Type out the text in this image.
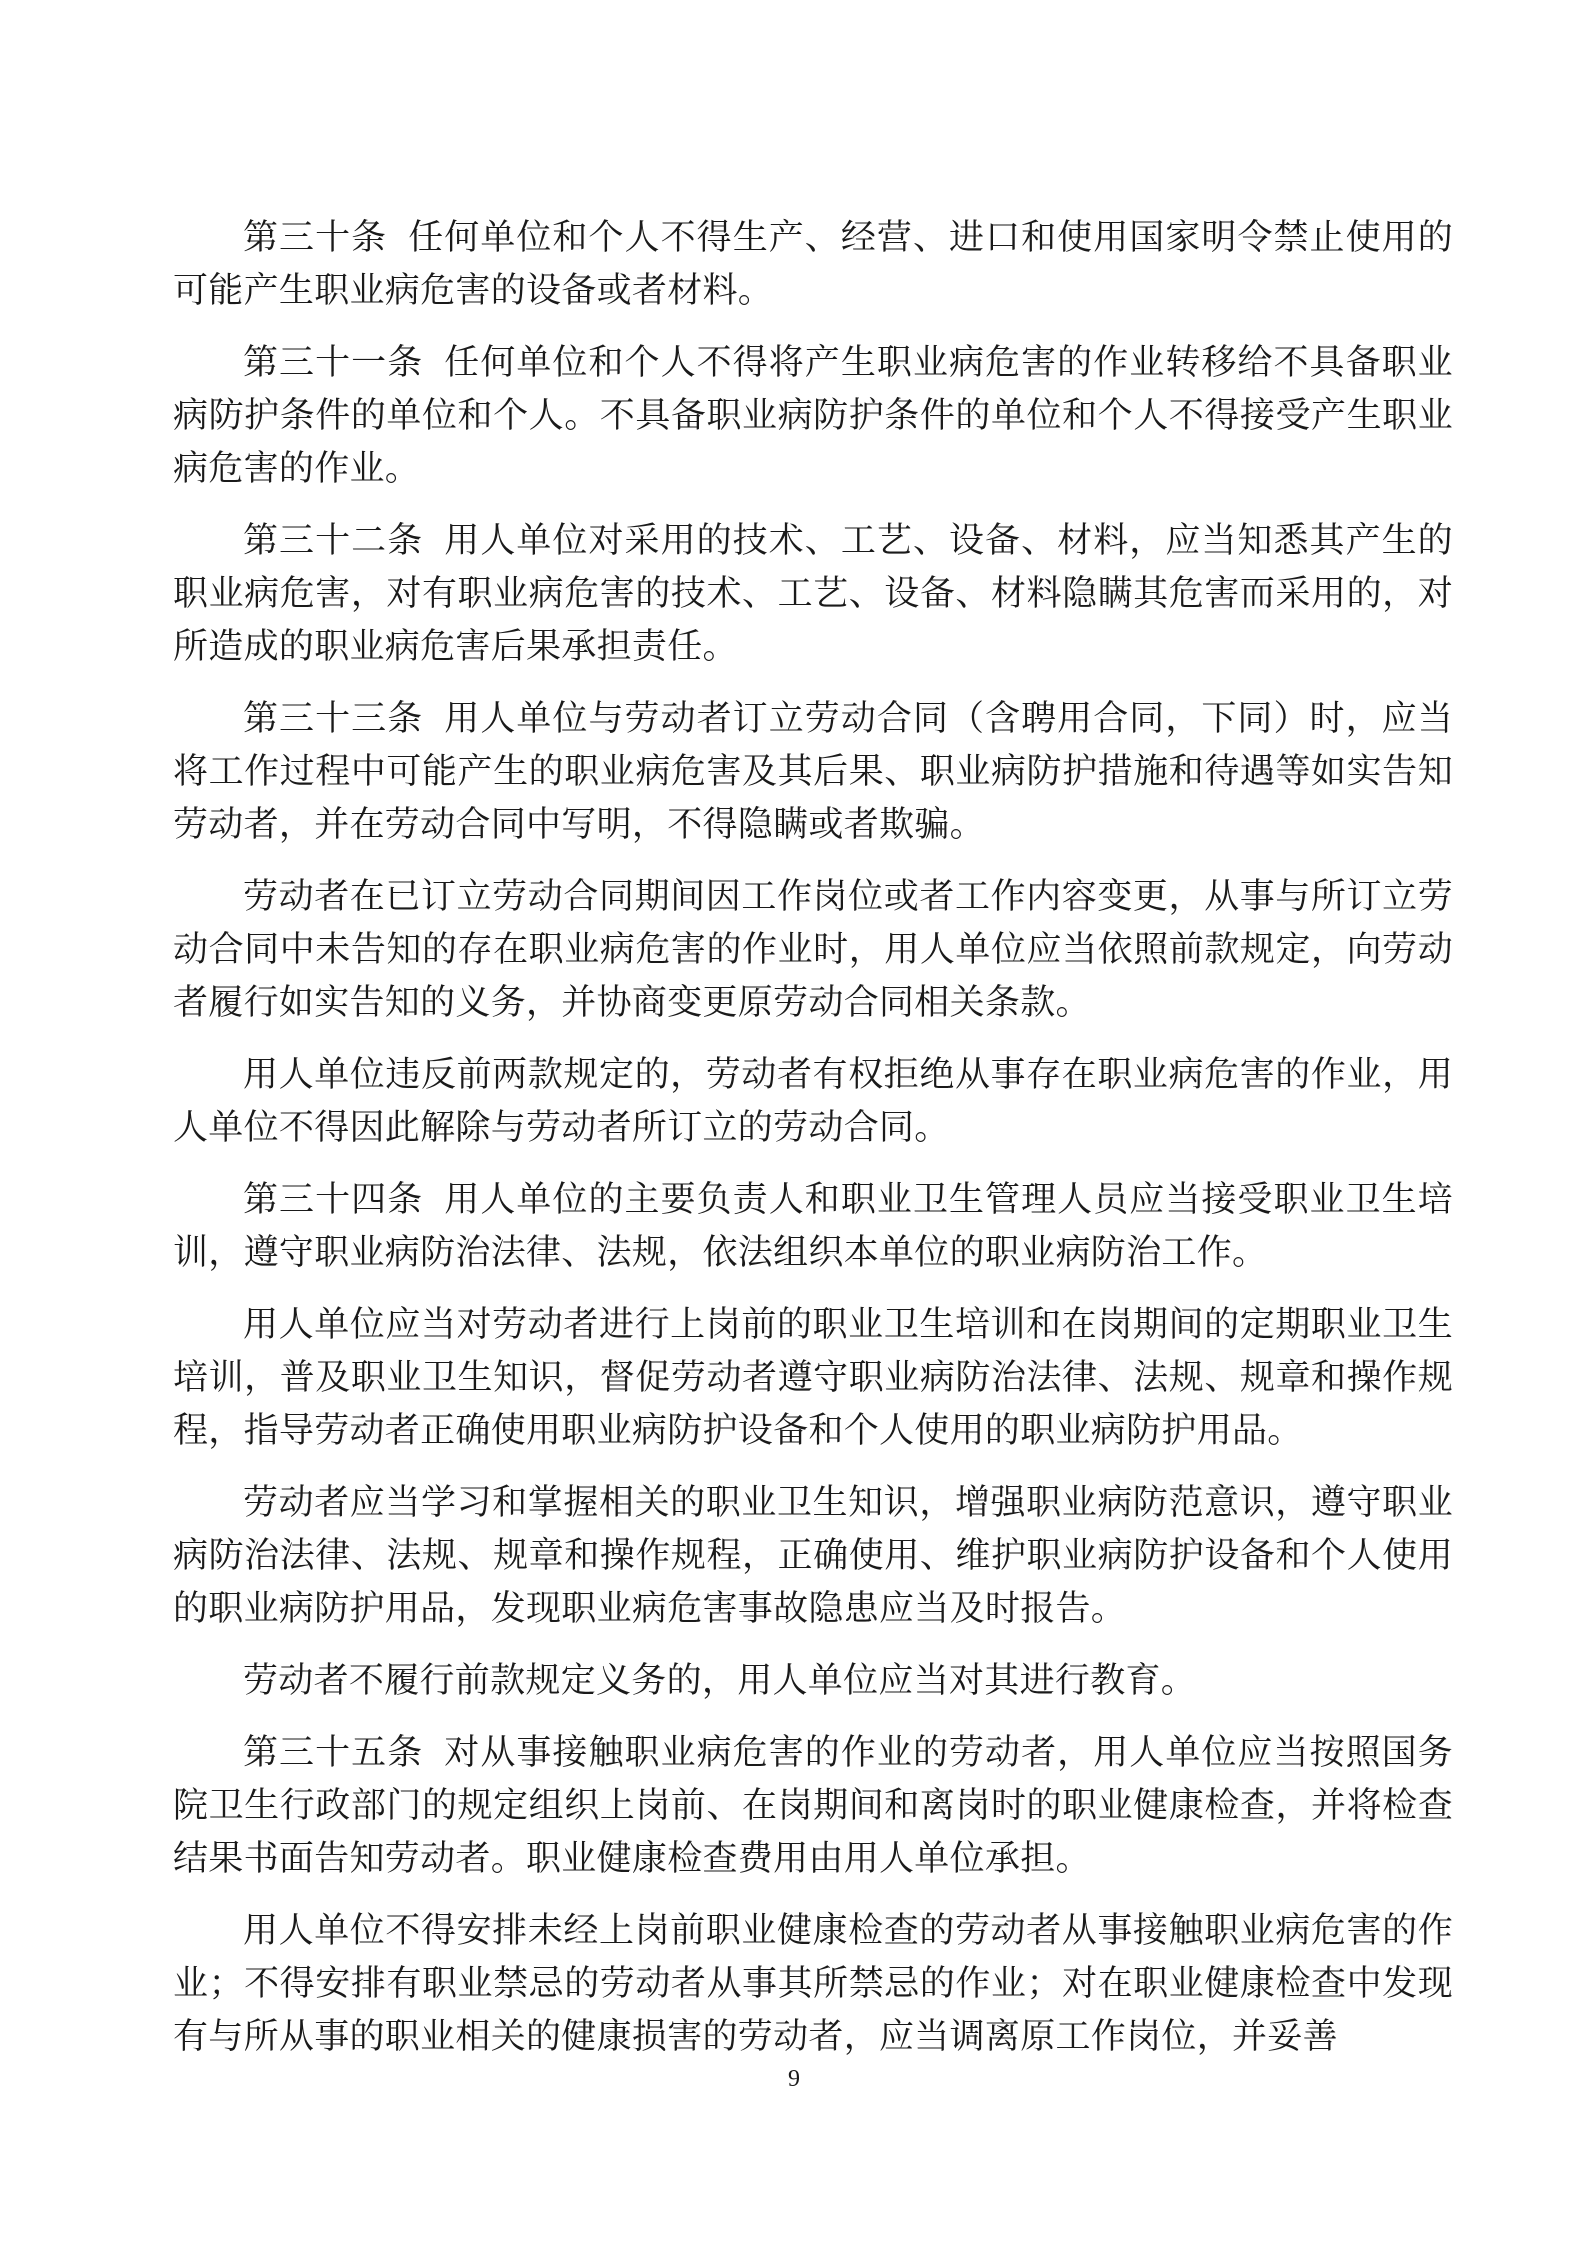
第三十条 任何单位和个人不得生产、经营、进口和使用国家明令禁止使用的可能产生职业病危害的设备或者材料。

第三十一条 任何单位和个人不得将产生职业病危害的作业转移给不具备职业病防护条件的单位和个人。不具备职业病防护条件的单位和个人不得接受产生职业病危害的作业。

第三十二条 用人单位对采用的技术、工艺、设备、材料，应当知悉其产生的职业病危害，对有职业病危害的技术、工艺、设备、材料隐瞒其危害而采用的，对所造成的职业病危害后果承担责任。

第三十三条 用人单位与劳动者订立劳动合同（含聘用合同，下同）时，应当将工作过程中可能产生的职业病危害及其后果、职业病防护措施和待遇等如实告知劳动者，并在劳动合同中写明，不得隐瞒或者欺骗。

劳动者在已订立劳动合同期间因工作岗位或者工作内容变更，从事与所订立劳动合同中未告知的存在职业病危害的作业时，用人单位应当依照前款规定，向劳动者履行如实告知的义务，并协商变更原劳动合同相关条款。

用人单位违反前两款规定的，劳动者有权拒绝从事存在职业病危害的作业，用人单位不得因此解除与劳动者所订立的劳动合同。

第三十四条 用人单位的主要负责人和职业卫生管理人员应当接受职业卫生培训，遵守职业病防治法律、法规，依法组织本单位的职业病防治工作。

用人单位应当对劳动者进行上岗前的职业卫生培训和在岗期间的定期职业卫生培训，普及职业卫生知识，督促劳动者遵守职业病防治法律、法规、规章和操作规程，指导劳动者正确使用职业病防护设备和个人使用的职业病防护用品。

劳动者应当学习和掌握相关的职业卫生知识，增强职业病防范意识，遵守职业病防治法律、法规、规章和操作规程，正确使用、维护职业病防护设备和个人使用的职业病防护用品，发现职业病危害事故隐患应当及时报告。

劳动者不履行前款规定义务的，用人单位应当对其进行教育。

第三十五条 对从事接触职业病危害的作业的劳动者，用人单位应当按照国务院卫生行政部门的规定组织上岗前、在岗期间和离岗时的职业健康检查，并将检查结果书面告知劳动者。职业健康检查费用由用人单位承担。

用人单位不得安排未经上岗前职业健康检查的劳动者从事接触职业病危害的作业；不得安排有职业禁忌的劳动者从事其所禁忌的作业；对在职业健康检查中发现有与所从事的职业相关的健康损害的劳动者，应当调离原工作岗位，并妥善

9
